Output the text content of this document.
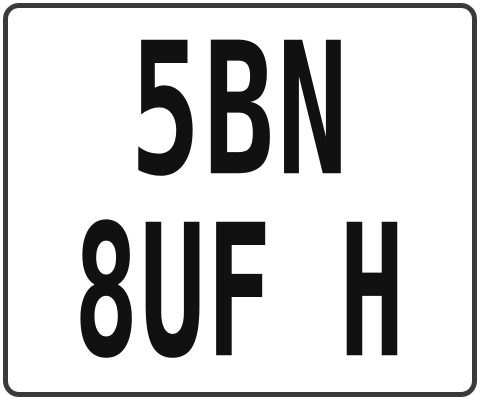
5BN
8UF H
